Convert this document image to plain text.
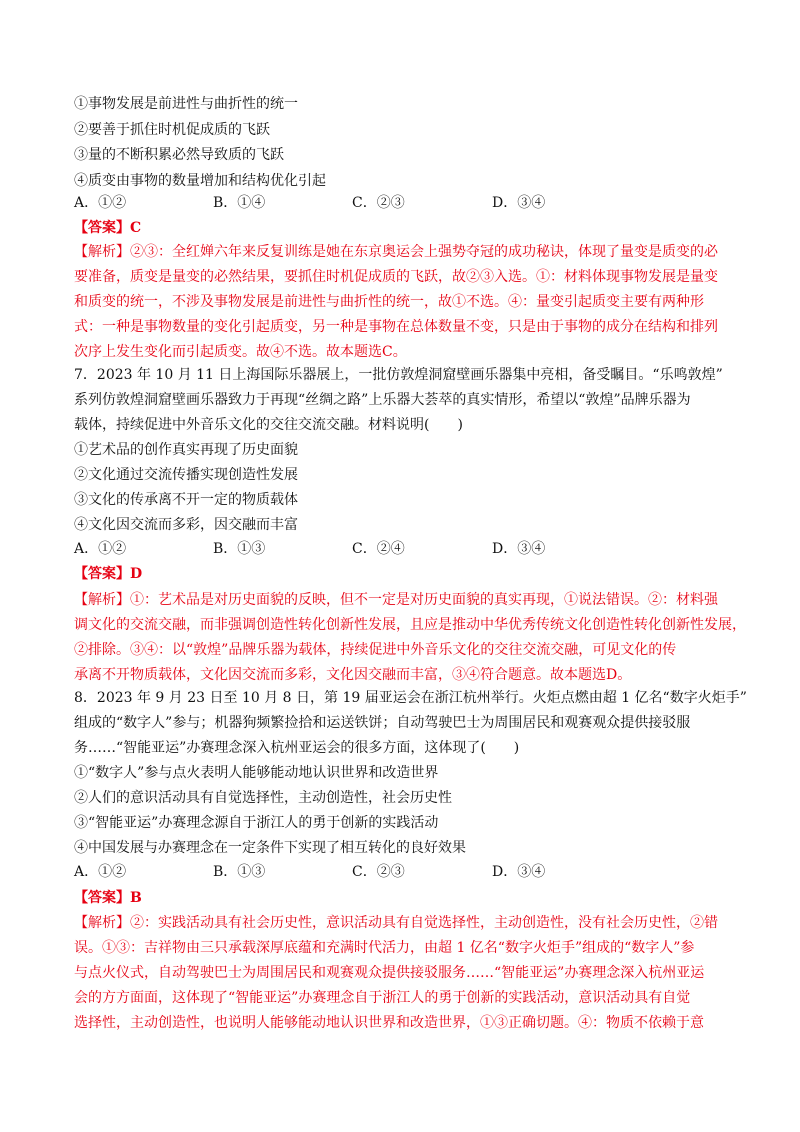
①事物发展是前进性与曲折性的统一
②要善于抓住时机促成质的飞跃
③量的不断积累必然导致质的飞跃
④质变由事物的数量增加和结构优化引起
A．①②	B．①④	C．②③	D．③④
【答案】C
【解析】②③：全红婵六年来反复训练是她在东京奥运会上强势夺冠的成功秘诀，体现了量变是质变的必
要准备，质变是量变的必然结果，要抓住时机促成质的飞跃，故②③入选。①：材料体现事物发展是量变
和质变的统一，不涉及事物发展是前进性与曲折性的统一，故①不选。④：量变引起质变主要有两种形
式：一种是事物数量的变化引起质变，另一种是事物在总体数量不变，只是由于事物的成分在结构和排列
次序上发生变化而引起质变。故④不选。故本题选C。
7．2023 年 10 月 11 日上海国际乐器展上，一批仿敦煌洞窟壁画乐器集中亮相，备受瞩目。“乐鸣敦煌”
系列仿敦煌洞窟壁画乐器致力于再现“丝绸之路”上乐器大荟萃的真实情形，希望以“敦煌”品牌乐器为
载体，持续促进中外音乐文化的交往交流交融。材料说明(　　)
①艺术品的创作真实再现了历史面貌
②文化通过交流传播实现创造性发展
③文化的传承离不开一定的物质载体
④文化因交流而多彩，因交融而丰富
A．①②	B．①③	C．②④	D．③④
【答案】D
【解析】①：艺术品是对历史面貌的反映，但不一定是对历史面貌的真实再现，①说法错误。②：材料强
调文化的交流交融，而非强调创造性转化创新性发展，且应是推动中华优秀传统文化创造性转化创新性发展，
②排除。③④：以“敦煌”品牌乐器为载体，持续促进中外音乐文化的交往交流交融，可见文化的传
承离不开物质载体，文化因交流而多彩，文化因交融而丰富，③④符合题意。故本题选D。
8．2023 年 9 月 23 日至 10 月 8 日，第 19 届亚运会在浙江杭州举行。火炬点燃由超 1 亿名“数字火炬手”
组成的“数字人”参与；机器狗频繁捡拾和运送铁饼；自动驾驶巴士为周围居民和观赛观众提供接驳服
务……“智能亚运”办赛理念深入杭州亚运会的很多方面，这体现了(　　)
①“数字人”参与点火表明人能够能动地认识世界和改造世界
②人们的意识活动具有自觉选择性，主动创造性，社会历史性
③“智能亚运”办赛理念源自于浙江人的勇于创新的实践活动
④中国发展与办赛理念在一定条件下实现了相互转化的良好效果
A．①②	B．①③	C．②③	D．③④
【答案】B
【解析】②：实践活动具有社会历史性，意识活动具有自觉选择性，主动创造性，没有社会历史性，②错
误。①③：吉祥物由三只承载深厚底蕴和充满时代活力，由超 1 亿名“数字火炬手”组成的“数字人”参
与点火仪式，自动驾驶巴士为周围居民和观赛观众提供接驳服务……“智能亚运”办赛理念深入杭州亚运
会的方方面面，这体现了“智能亚运”办赛理念自于浙江人的勇于创新的实践活动，意识活动具有自觉
选择性，主动创造性，也说明人能够能动地认识世界和改造世界，①③正确切题。④：物质不依赖于意
